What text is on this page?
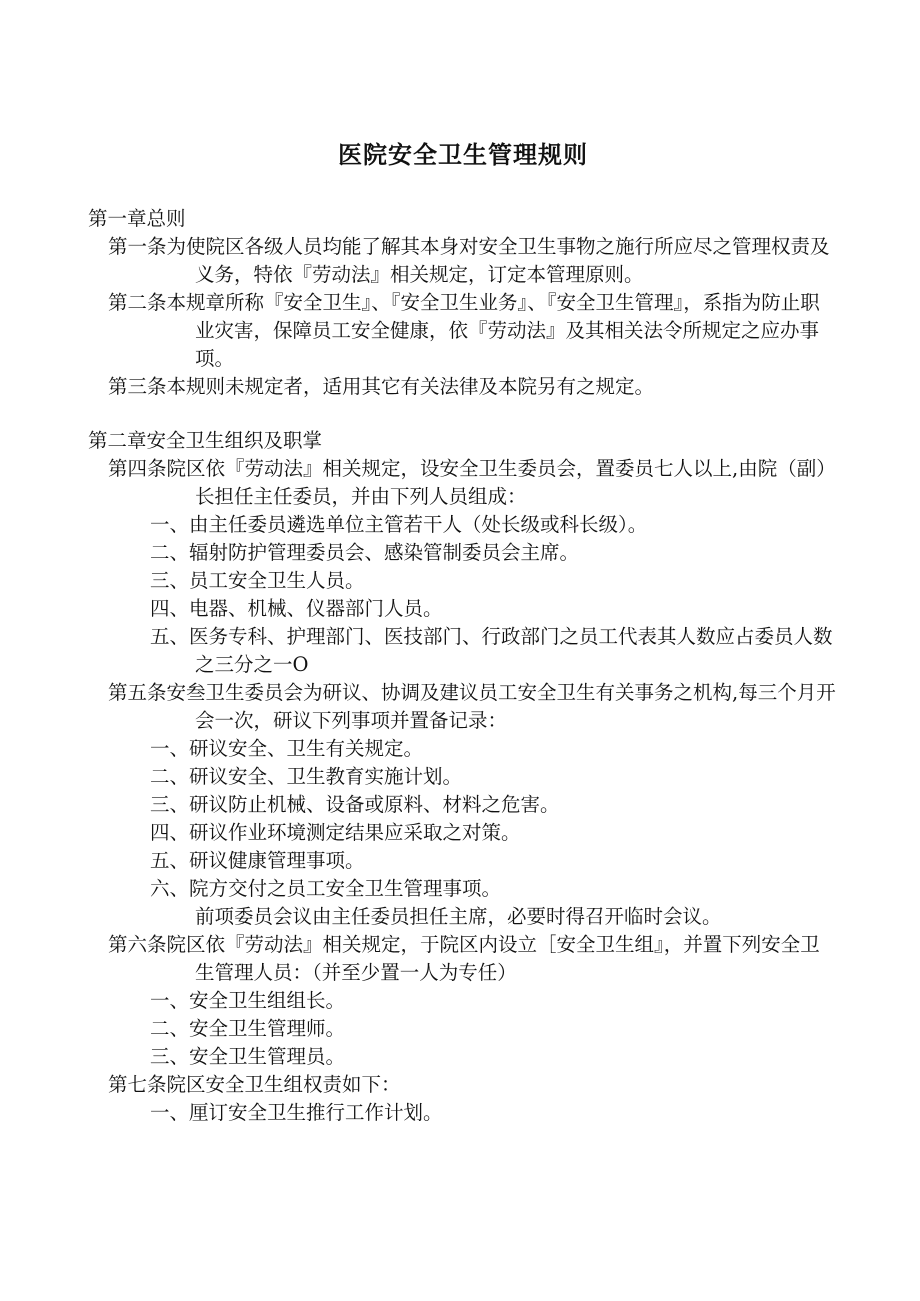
医院安全卫生管理规则

第一章总则

第一条为使院区各级人员均能了解其本身对安全卫生事物之施行所应尽之管理权责及义务，特依『劳动法』相关规定，订定本管理原则。

第二条本规章所称『安全卫生』、『安全卫生业务』、『安全卫生管理』，系指为防止职业灾害，保障员工安全健康，依『劳动法』及其相关法令所规定之应办事项。

第三条本规则未规定者，适用其它有关法律及本院另有之规定。

第二章安全卫生组织及职掌

第四条院区依『劳动法』相关规定，设安全卫生委员会，置委员七人以上,由院（副）长担任主任委员，并由下列人员组成：

一、由主任委员遴选单位主管若干人（处长级或科长级）。

二、辐射防护管理委员会、感染管制委员会主席。

三、员工安全卫生人员。

四、电器、机械、仪器部门人员。

五、医务专科、护理部门、医技部门、行政部门之员工代表其人数应占委员人数之三分之一O

第五条安叁卫生委员会为研议、协调及建议员工安全卫生有关事务之机构,每三个月开会一次，研议下列事项并置备记录：

一、研议安全、卫生有关规定。

二、研议安全、卫生教育实施计划。

三、研议防止机械、设备或原料、材料之危害。

四、研议作业环境测定结果应采取之对策。

五、研议健康管理事项。

六、院方交付之员工安全卫生管理事项。

前项委员会议由主任委员担任主席，必要时得召开临时会议。

第六条院区依『劳动法』相关规定，于院区内设立［安全卫生组』，并置下列安全卫生管理人员：（并至少置一人为专任）

一、安全卫生组组长。

二、安全卫生管理师。

三、安全卫生管理员。

第七条院区安全卫生组权责如下：

一、厘订安全卫生推行工作计划。
